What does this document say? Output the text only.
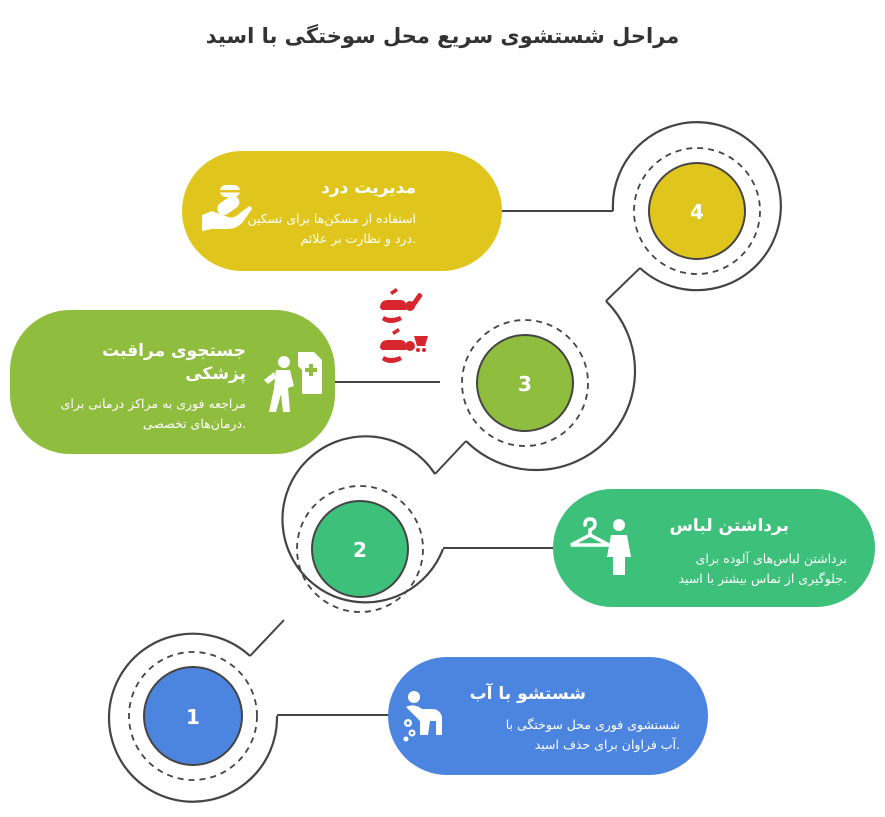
مراحل شستشوی سریع محل سوختگی با اسید
1
2
3
4
مدیریت درد
استفاده از مسکن‌ها برای تسکین
.درد و نظارت بر علائم
جستجوی مراقبت
پزشکی
مراجعه فوری به مراکز درمانی برای
.درمان‌های تخصصی
برداشتن لباس
برداشتن لباس‌های آلوده برای
.جلوگیری از تماس بیشتر با اسید
شستشو با آب
شستشوی فوری محل سوختگی با
.آب فراوان برای حذف اسید
